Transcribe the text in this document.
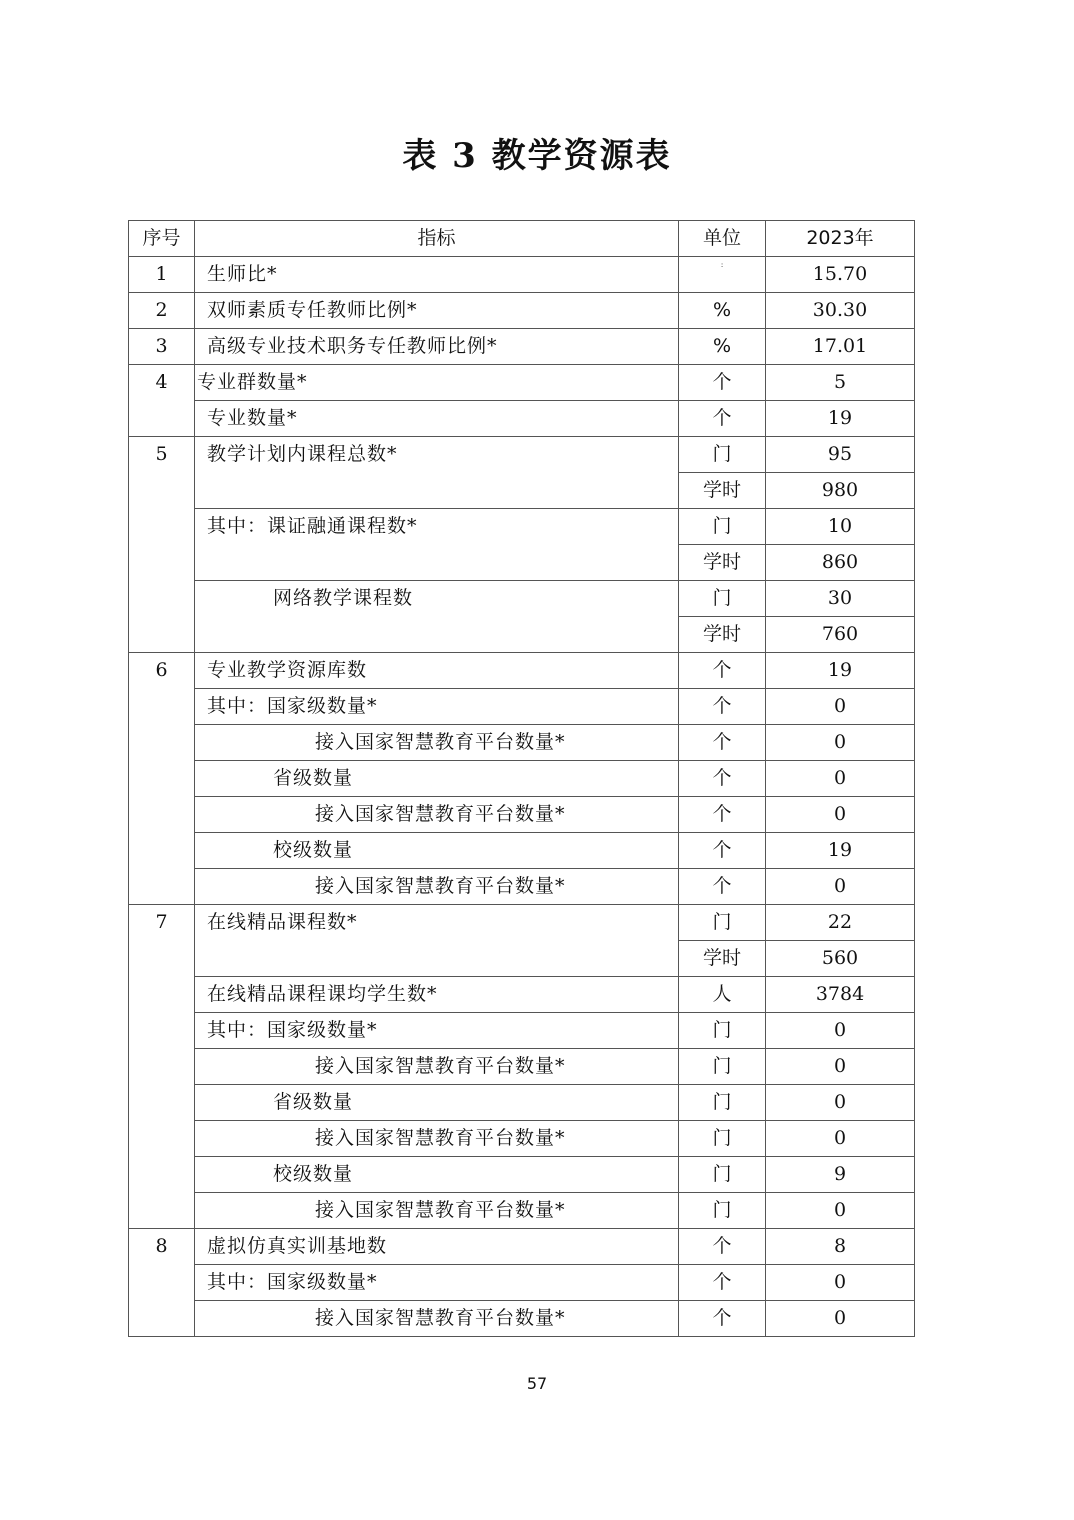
表 3 教学资源表
序号	指标	单位	2023年
1	生师比*	꞉	15.70
2	双师素质专任教师比例*	%	30.30
3	高级专业技术职务专任教师比例*	%	17.01
4	专业群数量*	个	5
	专业数量*	个	19
5	教学计划内课程总数*	门	95
		学时	980
	其中：课证融通课程数*	门	10
		学时	860
	网络教学课程数	门	30
		学时	760
6	专业教学资源库数	个	19
	其中：国家级数量*	个	0
	接入国家智慧教育平台数量*	个	0
	省级数量	个	0
	接入国家智慧教育平台数量*	个	0
	校级数量	个	19
	接入国家智慧教育平台数量*	个	0
7	在线精品课程数*	门	22
		学时	560
	在线精品课程课均学生数*	人	3784
	其中：国家级数量*	门	0
	接入国家智慧教育平台数量*	门	0
	省级数量	门	0
	接入国家智慧教育平台数量*	门	0
	校级数量	门	9
	接入国家智慧教育平台数量*	门	0
8	虚拟仿真实训基地数	个	8
	其中：国家级数量*	个	0
	接入国家智慧教育平台数量*	个	0
57
